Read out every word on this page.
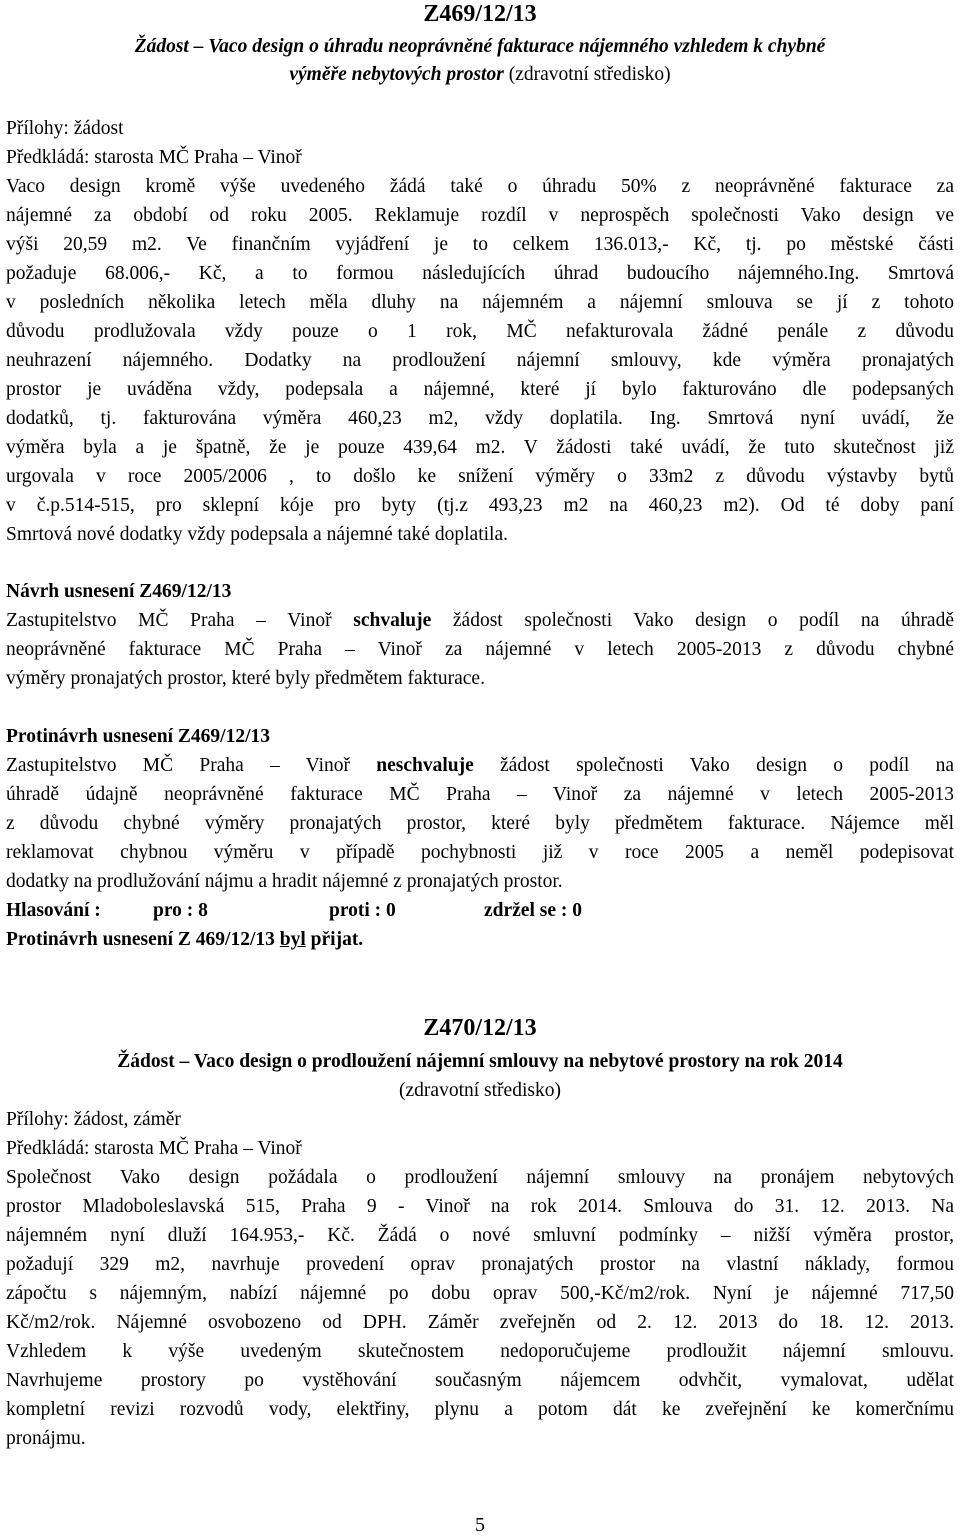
Z469/12/13
Žádost – Vaco design o úhradu neoprávněné fakturace nájemného vzhledem k chybné
výměře nebytových prostor (zdravotní středisko)
Přílohy: žádost
Předkládá: starosta MČ Praha – Vinoř
Vaco design kromě výše uvedeného žádá také o úhradu 50% z neoprávněné fakturace za
nájemné za období od roku 2005. Reklamuje rozdíl v neprospěch společnosti Vako design ve
výši 20,59 m2. Ve finančním vyjádření je to celkem 136.013,- Kč, tj. po městské části
požaduje 68.006,- Kč, a to formou následujících úhrad budoucího nájemného.Ing. Smrtová
v posledních několika letech měla dluhy na nájemném a nájemní smlouva se jí z tohoto
důvodu prodlužovala vždy pouze o 1 rok, MČ nefakturovala žádné penále z důvodu
neuhrazení nájemného. Dodatky na prodloužení nájemní smlouvy, kde výměra pronajatých
prostor je uváděna vždy, podepsala a nájemné, které jí bylo fakturováno dle podepsaných
dodatků, tj. fakturována výměra 460,23 m2, vždy doplatila. Ing. Smrtová nyní uvádí, že
výměra byla a je špatně, že je pouze 439,64 m2. V žádosti také uvádí, že tuto skutečnost již
urgovala v roce 2005/2006 , to došlo ke snížení výměry o 33m2 z důvodu výstavby bytů
v č.p.514-515, pro sklepní kóje pro byty (tj.z 493,23 m2 na 460,23 m2). Od té doby paní
Smrtová nové dodatky vždy podepsala a nájemné také doplatila.
Návrh usnesení Z469/12/13
Zastupitelstvo MČ Praha – Vinoř schvaluje žádost společnosti Vako design o podíl na úhradě
neoprávněné fakturace MČ Praha – Vinoř za nájemné v letech 2005-2013 z důvodu chybné
výměry pronajatých prostor, které byly předmětem fakturace.
Protinávrh usnesení Z469/12/13
Zastupitelstvo MČ Praha – Vinoř neschvaluje žádost společnosti Vako design o podíl na
úhradě údajně neoprávněné fakturace MČ Praha – Vinoř za nájemné v letech 2005-2013
z důvodu chybné výměry pronajatých prostor, které byly předmětem fakturace. Nájemce měl
reklamovat chybnou výměru v případě pochybnosti již v roce 2005 a neměl podepisovat
dodatky na prodlužování nájmu a hradit nájemné z pronajatých prostor.
Hlasování :	pro : 8	proti : 0	zdržel se : 0
Protinávrh usnesení Z 469/12/13 byl přijat.
Z470/12/13
Žádost – Vaco design o prodloužení nájemní smlouvy na nebytové prostory na rok 2014
(zdravotní středisko)
Přílohy: žádost, záměr
Předkládá: starosta MČ Praha – Vinoř
Společnost Vako design požádala o prodloužení nájemní smlouvy na pronájem nebytových
prostor Mladoboleslavská 515, Praha 9 - Vinoř na rok 2014. Smlouva do 31. 12. 2013. Na
nájemném nyní dluží 164.953,- Kč. Žádá o nové smluvní podmínky – nižší výměra prostor,
požadují 329 m2, navrhuje provedení oprav pronajatých prostor na vlastní náklady, formou
zápočtu s nájemným, nabízí nájemné po dobu oprav 500,-Kč/m2/rok. Nyní je nájemné 717,50
Kč/m2/rok. Nájemné osvobozeno od DPH. Záměr zveřejněn od 2. 12. 2013 do 18. 12. 2013.
Vzhledem k výše uvedeným skutečnostem nedoporučujeme prodloužit nájemní smlouvu.
Navrhujeme prostory po vystěhování současným nájemcem odvhčit, vymalovat, udělat
kompletní revizi rozvodů vody, elektřiny, plynu a potom dát ke zveřejnění ke komerčnímu
pronájmu.
5
